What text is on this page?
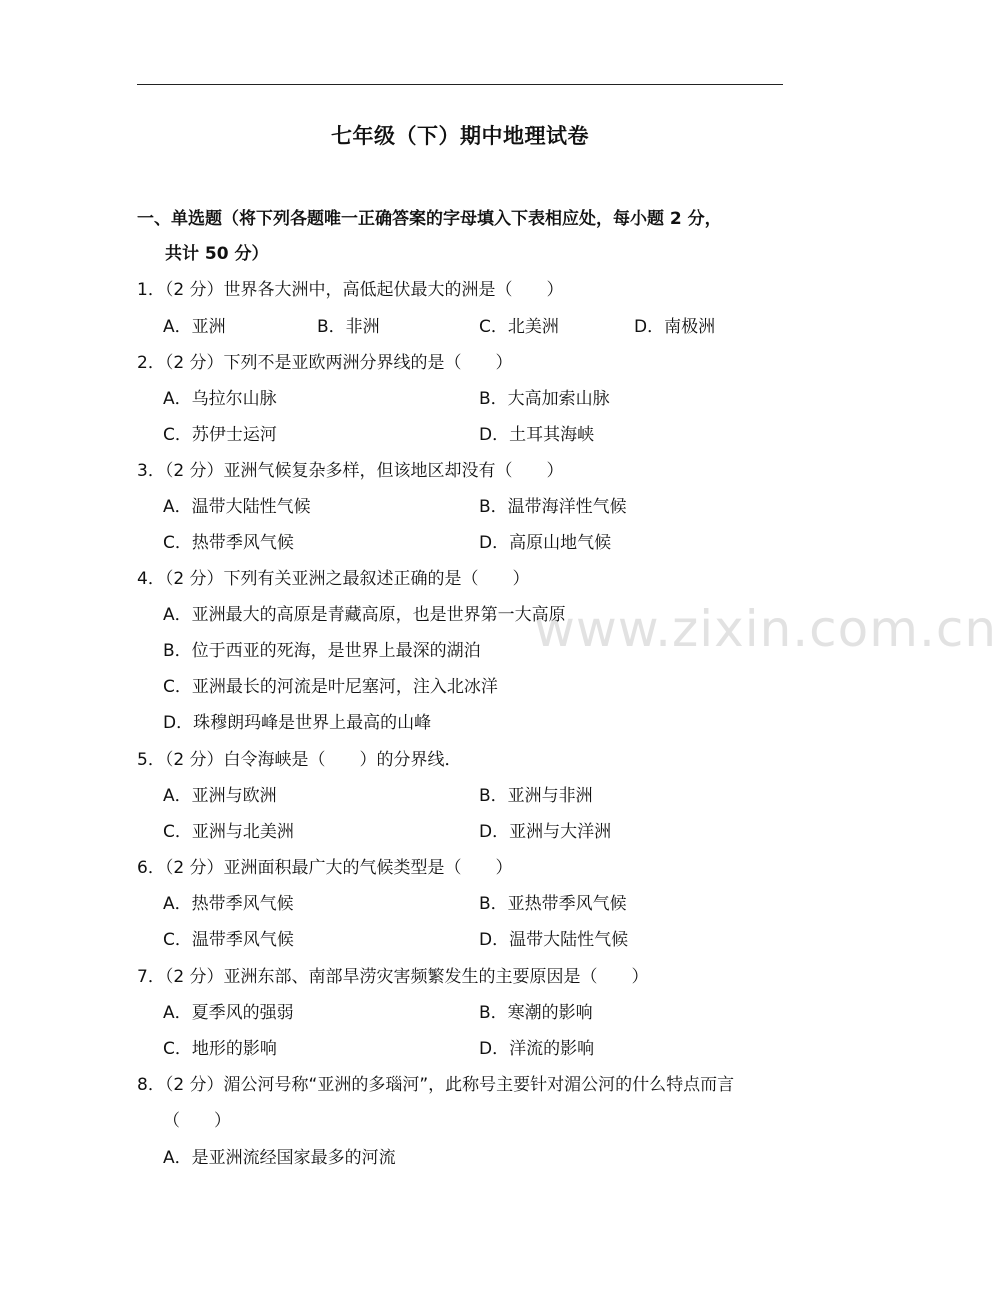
七年级（下）期中地理试卷
一、单选题（将下列各题唯一正确答案的字母填入下表相应处，每小题 2 分，
共计 50 分）
www.zixin.com.cn
1．（2 分）世界各大洲中，高低起伏最大的洲是（　　）
A．亚洲	B．非洲	C．北美洲	D．南极洲
2．（2 分）下列不是亚欧两洲分界线的是（　　）
A．乌拉尔山脉	B．大高加索山脉
C．苏伊士运河	D．土耳其海峡
3．（2 分）亚洲气候复杂多样，但该地区却没有（　　）
A．温带大陆性气候	B．温带海洋性气候
C．热带季风气候	D．高原山地气候
4．（2 分）下列有关亚洲之最叙述正确的是（　　）
A．亚洲最大的高原是青藏高原，也是世界第一大高原
B．位于西亚的死海，是世界上最深的湖泊
C．亚洲最长的河流是叶尼塞河，注入北冰洋
D．珠穆朗玛峰是世界上最高的山峰
5．（2 分）白令海峡是（　　）的分界线．
A．亚洲与欧洲	B．亚洲与非洲
C．亚洲与北美洲	D．亚洲与大洋洲
6．（2 分）亚洲面积最广大的气候类型是（　　）
A．热带季风气候	B．亚热带季风气候
C．温带季风气候	D．温带大陆性气候
7．（2 分）亚洲东部、南部旱涝灾害频繁发生的主要原因是（　　）
A．夏季风的强弱	B．寒潮的影响
C．地形的影响	D．洋流的影响
8．（2 分）湄公河号称“亚洲的多瑙河”，此称号主要针对湄公河的什么特点而言
（　　）
A．是亚洲流经国家最多的河流
